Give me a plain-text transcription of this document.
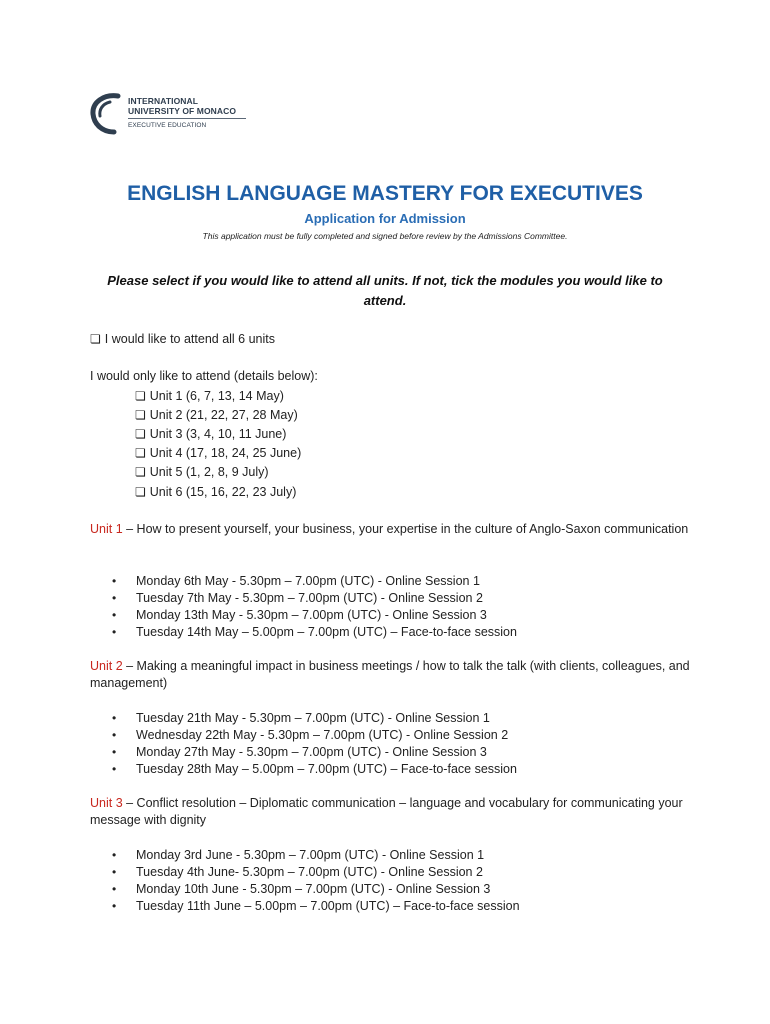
INTERNATIONAL
UNIVERSITY OF MONACO
EXECUTIVE EDUCATION
ENGLISH LANGUAGE MASTERY FOR EXECUTIVES
Application for Admission
This application must be fully completed and signed before review by the Admissions Committee.
Please select if you would like to attend all units. If not, tick the modules you would like to attend.
❏ I would like to attend all 6 units
I would only like to attend (details below):
❏ Unit 1 (6, 7, 13, 14 May)
❏ Unit 2 (21, 22, 27, 28 May)
❏ Unit 3 (3, 4, 10, 11 June)
❏ Unit 4 (17, 18, 24, 25 June)
❏ Unit 5 (1, 2, 8, 9 July)
❏ Unit 6 (15, 16, 22, 23 July)
Unit 1 – How to present yourself, your business, your expertise in the culture of Anglo-Saxon communication
• Monday 6th May - 5.30pm – 7.00pm (UTC) - Online Session 1
• Tuesday 7th May - 5.30pm – 7.00pm (UTC) - Online Session 2
• Monday 13th May - 5.30pm – 7.00pm (UTC) - Online Session 3
• Tuesday 14th May – 5.00pm – 7.00pm (UTC) – Face-to-face session
Unit 2 – Making a meaningful impact in business meetings / how to talk the talk (with clients, colleagues, and management)
• Tuesday 21th May - 5.30pm – 7.00pm (UTC) - Online Session 1
• Wednesday 22th May - 5.30pm – 7.00pm (UTC) - Online Session 2
• Monday 27th May - 5.30pm – 7.00pm (UTC) - Online Session 3
• Tuesday 28th May – 5.00pm – 7.00pm (UTC) – Face-to-face session
Unit 3 – Conflict resolution – Diplomatic communication – language and vocabulary for communicating your message with dignity
• Monday 3rd June - 5.30pm – 7.00pm (UTC) - Online Session 1
• Tuesday 4th June- 5.30pm – 7.00pm (UTC) - Online Session 2
• Monday 10th June - 5.30pm – 7.00pm (UTC) - Online Session 3
• Tuesday 11th June – 5.00pm – 7.00pm (UTC) – Face-to-face session
